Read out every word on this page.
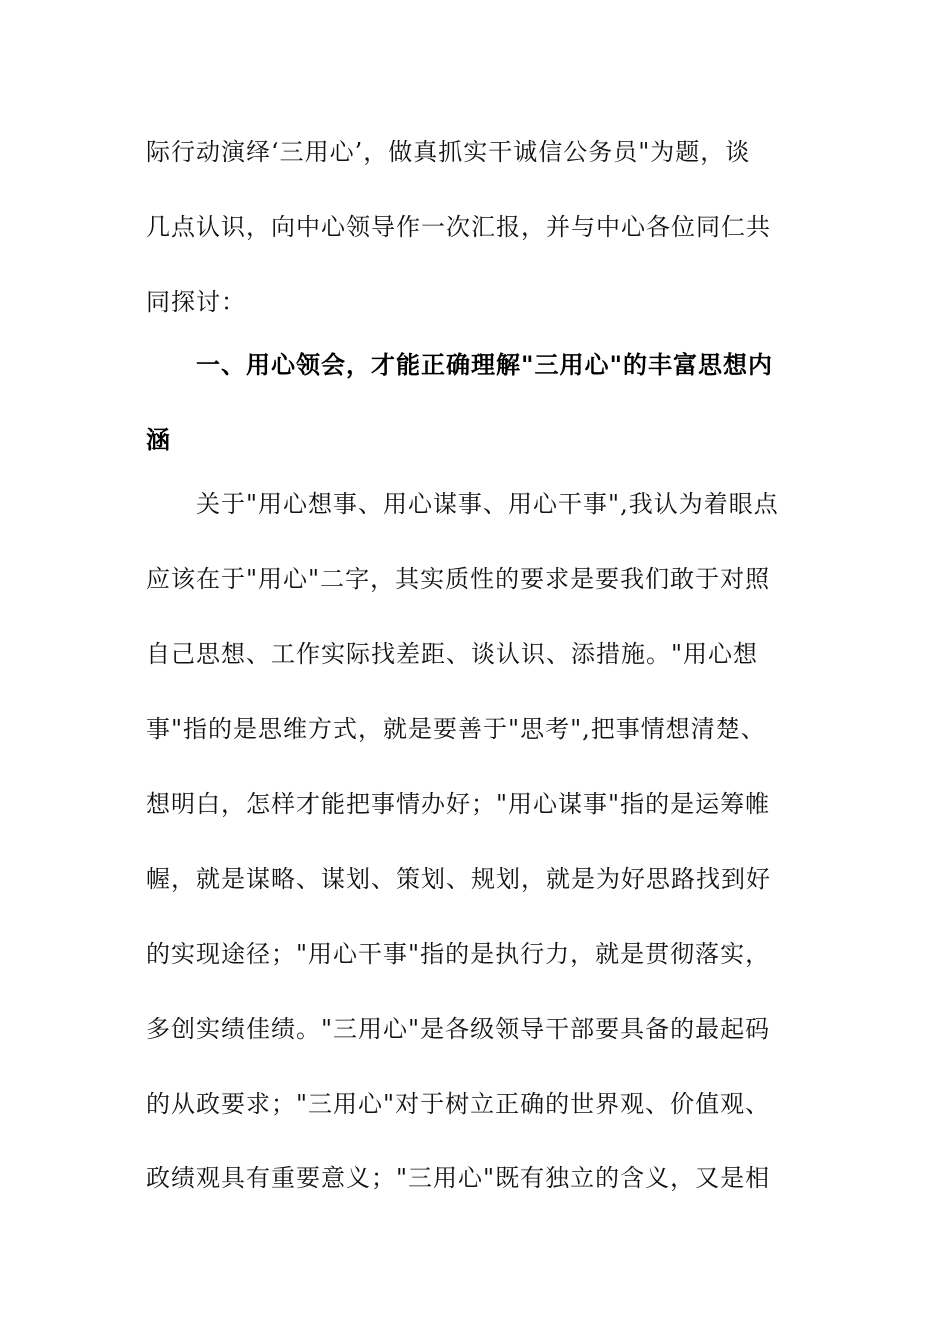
际行动演绎‘三用心’，做真抓实干诚信公务员"为题，谈
几点认识，向中心领导作一次汇报，并与中心各位同仁共
同探讨：
一、用心领会，才能正确理解"三用心"的丰富思想内
涵
关于"用心想事、用心谋事、用心干事",我认为着眼点
应该在于"用心"二字，其实质性的要求是要我们敢于对照
自己思想、工作实际找差距、谈认识、添措施。"用心想
事"指的是思维方式，就是要善于"思考",把事情想清楚、
想明白，怎样才能把事情办好；"用心谋事"指的是运筹帷
幄，就是谋略、谋划、策划、规划，就是为好思路找到好
的实现途径；"用心干事"指的是执行力，就是贯彻落实，
多创实绩佳绩。"三用心"是各级领导干部要具备的最起码
的从政要求；"三用心"对于树立正确的世界观、价值观、
政绩观具有重要意义；"三用心"既有独立的含义，又是相
